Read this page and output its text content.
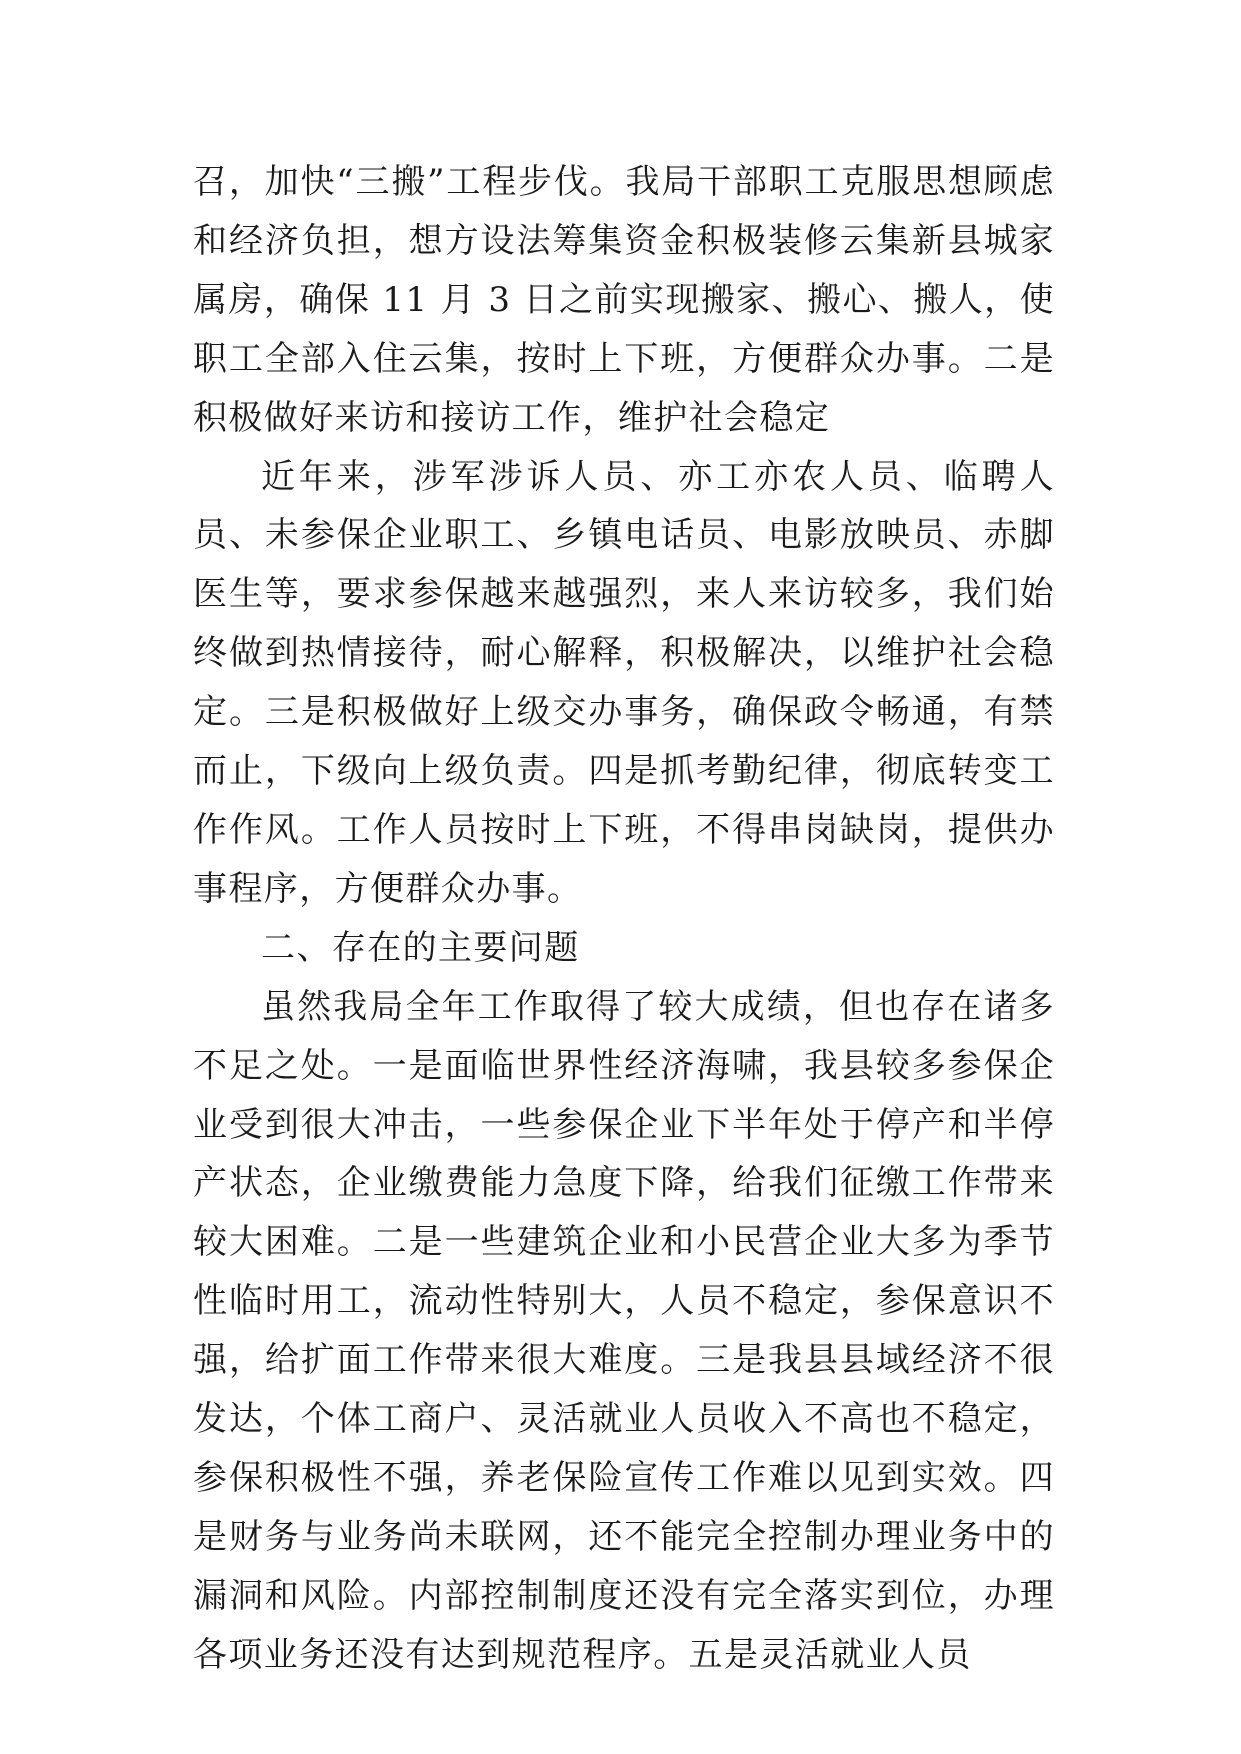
召，加快“三搬”工程步伐。我局干部职工克服思想顾虑和经济负担，想方设法筹集资金积极装修云集新县城家属房，确保 11 月 3 日之前实现搬家、搬心、搬人，使职工全部入住云集，按时上下班，方便群众办事。二是积极做好来访和接访工作，维护社会稳定

近年来，涉军涉诉人员、亦工亦农人员、临聘人员、未参保企业职工、乡镇电话员、电影放映员、赤脚医生等，要求参保越来越强烈，来人来访较多，我们始终做到热情接待，耐心解释，积极解决，以维护社会稳定。三是积极做好上级交办事务，确保政令畅通，有禁而止，下级向上级负责。四是抓考勤纪律，彻底转变工作作风。工作人员按时上下班，不得串岗缺岗，提供办事程序，方便群众办事。

二、存在的主要问题

虽然我局全年工作取得了较大成绩，但也存在诸多不足之处。一是面临世界性经济海啸，我县较多参保企业受到很大冲击，一些参保企业下半年处于停产和半停产状态，企业缴费能力急度下降，给我们征缴工作带来较大困难。二是一些建筑企业和小民营企业大多为季节性临时用工，流动性特别大，人员不稳定，参保意识不强，给扩面工作带来很大难度。三是我县县域经济不很发达，个体工商户、灵活就业人员收入不高也不稳定，参保积极性不强，养老保险宣传工作难以见到实效。四是财务与业务尚未联网，还不能完全控制办理业务中的漏洞和风险。内部控制制度还没有完全落实到位，办理各项业务还没有达到规范程序。五是灵活就业人员
